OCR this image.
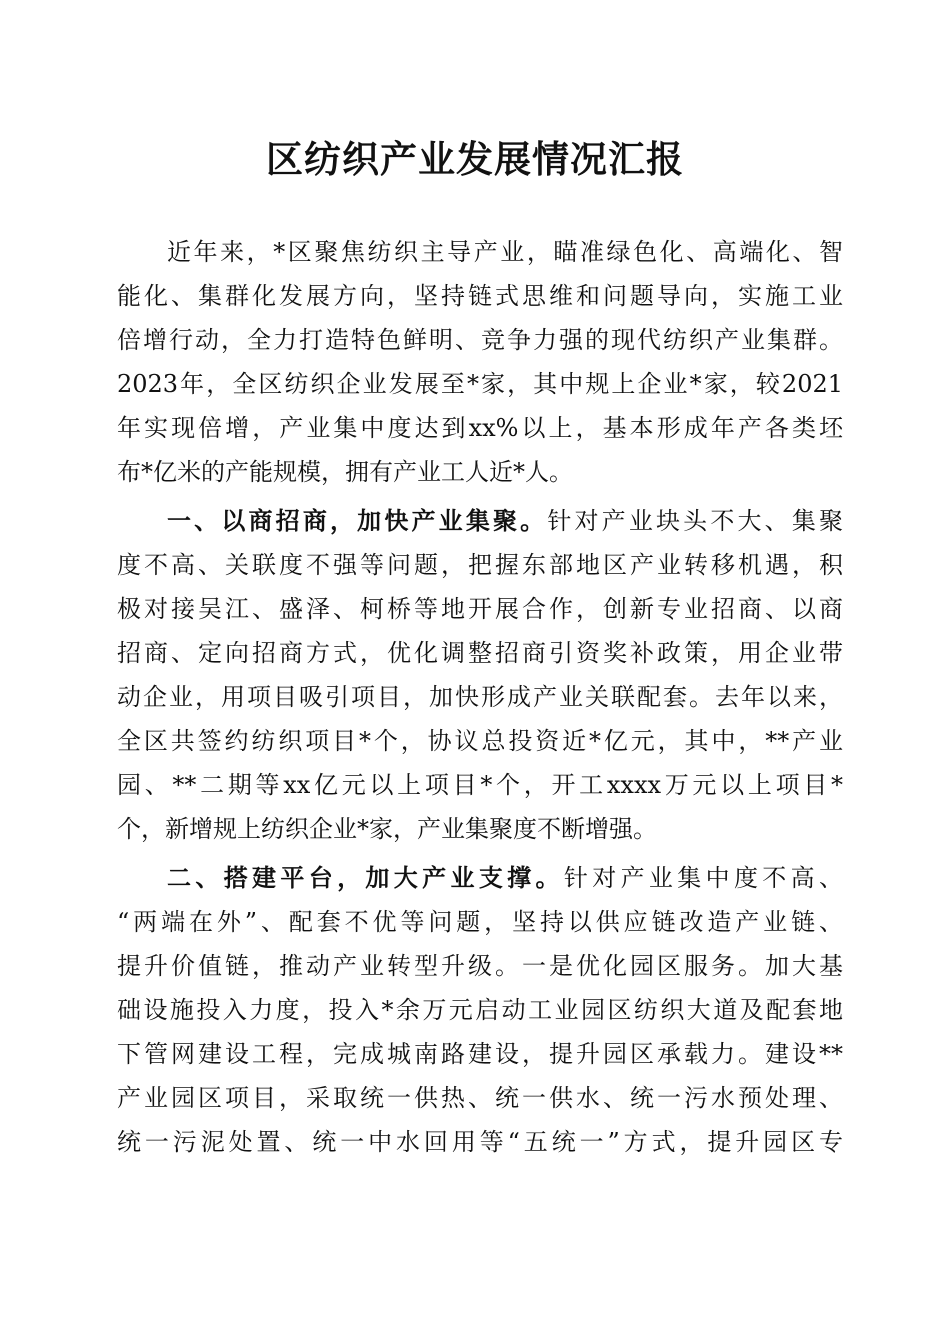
区纺织产业发展情况汇报
近年来，*区聚焦纺织主导产业，瞄准绿色化、高端化、智
能化、集群化发展方向，坚持链式思维和问题导向，实施工业
倍增行动，全力打造特色鲜明、竞争力强的现代纺织产业集群。
2023年，全区纺织企业发展至*家，其中规上企业*家，较2021
年实现倍增，产业集中度达到xx%以上，基本形成年产各类坯
布*亿米的产能规模，拥有产业工人近*人。
一、以商招商，加快产业集聚。针对产业块头不大、集聚
度不高、关联度不强等问题，把握东部地区产业转移机遇，积
极对接吴江、盛泽、柯桥等地开展合作，创新专业招商、以商
招商、定向招商方式，优化调整招商引资奖补政策，用企业带
动企业，用项目吸引项目，加快形成产业关联配套。去年以来，
全区共签约纺织项目*个，协议总投资近*亿元，其中，**产业
园、**二期等xx亿元以上项目*个，开工xxxx万元以上项目*
个，新增规上纺织企业*家，产业集聚度不断增强。
二、搭建平台，加大产业支撑。针对产业集中度不高、
“两端在外”、配套不优等问题，坚持以供应链改造产业链、
提升价值链，推动产业转型升级。一是优化园区服务。加大基
础设施投入力度，投入*余万元启动工业园区纺织大道及配套地
下管网建设工程，完成城南路建设，提升园区承载力。建设**
产业园区项目，采取统一供热、统一供水、统一污水预处理、
统一污泥处置、统一中水回用等“五统一”方式，提升园区专
